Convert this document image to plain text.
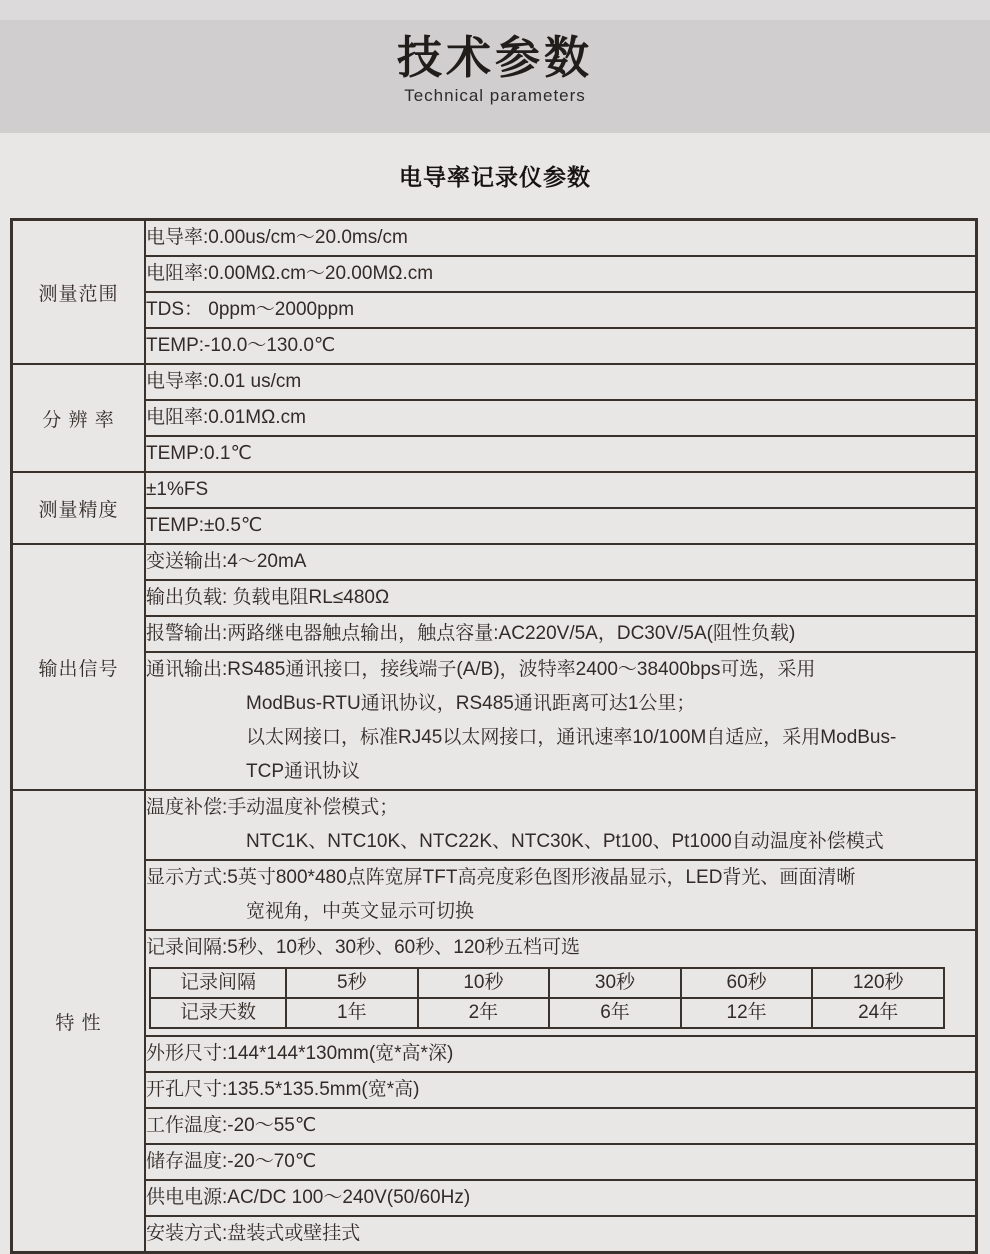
技术参数
Technical parameters
电导率记录仪参数
测量范围	
电导率:0.00us/cm～20.0ms/cm

电阻率:0.00MΩ.cm～20.00MΩ.cm

TDS： 0ppm～2000ppm

TEMP:-10.0～130.0℃

分 辨 率	
电导率:0.01 us/cm

电阻率:0.01MΩ.cm

TEMP:0.1℃

测量精度	
±1%FS

TEMP:±0.5℃

输出信号	
变送输出:4～20mA

输出负载: 负载电阻RL≤480Ω

报警输出:两路继电器触点输出，触点容量:AC220V/5A，DC30V/5A(阻性负载)

通讯输出:RS485通讯接口，接线端子(A/B)，波特率2400～38400bps可选，采用
ModBus-RTU通讯协议，RS485通讯距离可达1公里；
以太网接口，标准RJ45以太网接口，通讯速率10/100M自适应，采用ModBus-
TCP通讯协议

特 性	
温度补偿:手动温度补偿模式；
NTC1K、NTC10K、NTC22K、NTC30K、Pt100、Pt1000自动温度补偿模式

显示方式:5英寸800*480点阵宽屏TFT高亮度彩色图形液晶显示，LED背光、画面清晰
宽视角，中英文显示可切换

记录间隔:5秒、10秒、30秒、60秒、120秒五档可选
记录间隔	5秒	10秒	30秒	60秒	120秒
记录天数	1年	2年	6年	12年	24年

外形尺寸:144*144*130mm(宽*高*深)

开孔尺寸:135.5*135.5mm(宽*高)

工作温度:-20～55℃

储存温度:-20～70℃

供电电源:AC/DC 100～240V(50/60Hz)

安装方式:盘装式或壁挂式
